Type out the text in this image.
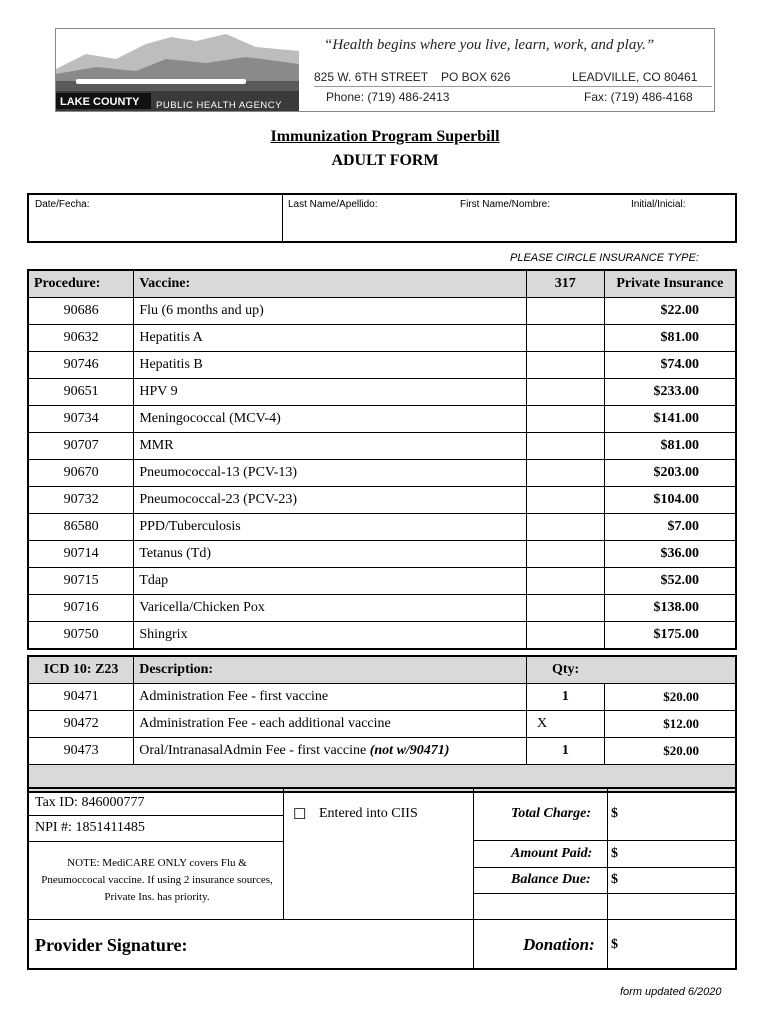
LAKE COUNTY PUBLIC HEALTH AGENCY
“Health begins where you live, learn, work, and play.”
825 W. 6TH STREET PO BOX 626	LEADVILLE, CO 80461
Phone: (719) 486-2413	Fax: (719) 486-4168
Immunization Program Superbill
ADULT FORM
Date/Fecha:	Last Name/Apellido:	First Name/Nombre:	Initial/Inicial:
PLEASE CIRCLE INSURANCE TYPE:
Procedure:	Vaccine:	317	Private Insurance
90686	Flu (6 months and up)		$22.00
90632	Hepatitis A		$81.00
90746	Hepatitis B		$74.00
90651	HPV 9		$233.00
90734	Meningococcal (MCV-4)		$141.00
90707	MMR		$81.00
90670	Pneumococcal-13 (PCV-13)		$203.00
90732	Pneumococcal-23 (PCV-23)		$104.00
86580	PPD/Tuberculosis		$7.00
90714	Tetanus (Td)		$36.00
90715	Tdap		$52.00
90716	Varicella/Chicken Pox		$138.00
90750	Shingrix		$175.00
ICD 10: Z23	Description:	Qty:	
90471	Administration Fee - first vaccine	1	$20.00
90472	Administration Fee - each additional vaccine	X	$12.00
90473	Oral/IntranasalAdmin Fee - first vaccine (not w/90471)	1	$20.00

Tax ID: 846000777
NPI #: 1851411485
NOTE: MediCARE ONLY covers Flu & Pneumoccocal vaccine. If using 2 insurance sources, Private Ins. has priority.
☐ Entered into CIIS	Total Charge: $
Amount Paid: $
Balance Due: $
Provider Signature:	Donation: $
form updated 6/2020
